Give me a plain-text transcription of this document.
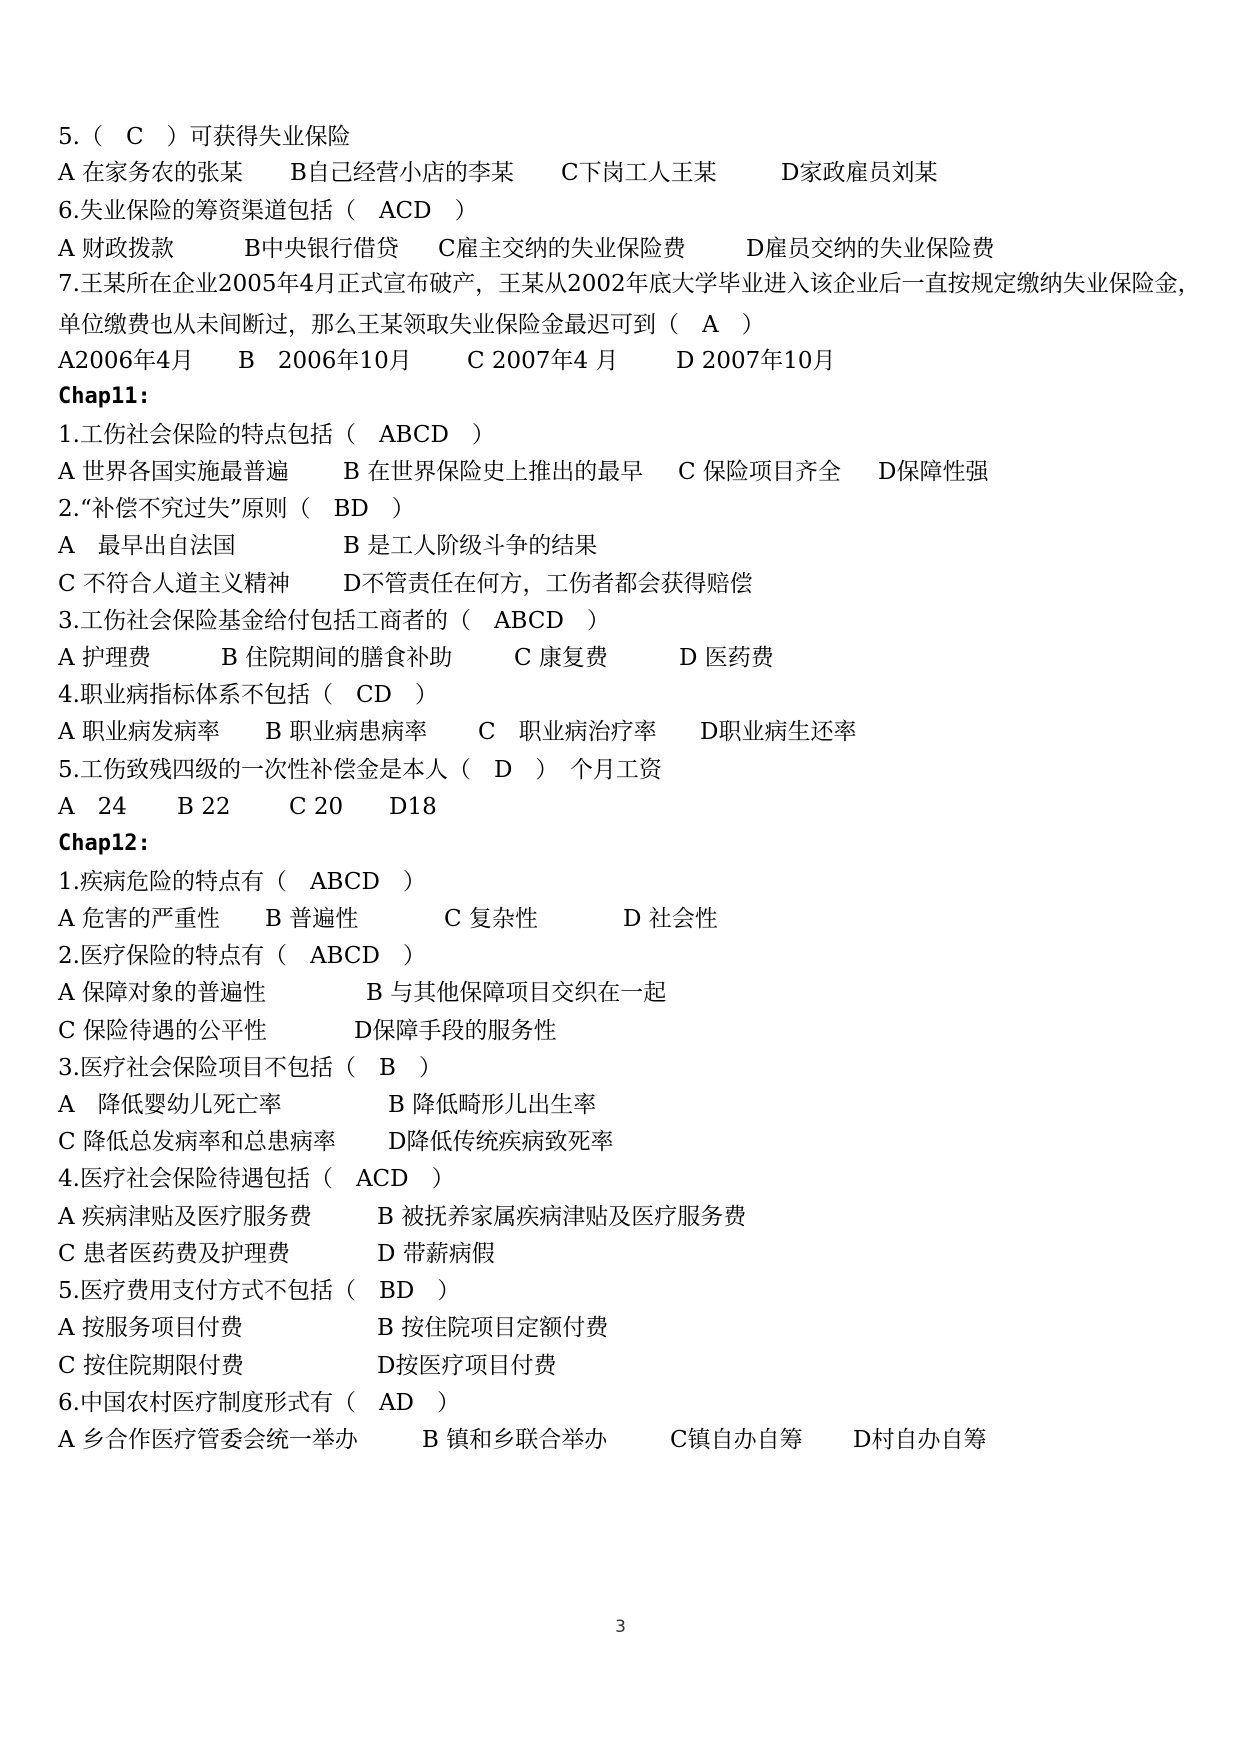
5.（　C　）可获得失业保险

A 在家务农的张某

B自己经营小店的李某

C下岗工人王某

	D家政雇员刘某

6.失业保险的筹资渠道包括（　ACD　）

A 财政拨款

	B中央银行借贷

C雇主交纳的失业保险费

	D雇员交纳的失业保险费

7.王某所在企业2005年4月正式宣布破产，王某从2002年底大学毕业进入该企业后一直按规定缴纳失业保险金，单位缴费也从未间断过，那么王某领取失业保险金最迟可到（　A　）

A2006年4月

B　2006年10月

C 2007年4 月

	D 2007年10月

Chap11:
1.工伤社会保险的特点包括（　ABCD　）

A 世界各国实施最普遍

B 在世界保险史上推出的最早

C 保险项目齐全

D保障性强

2.“补偿不究过失”原则（　BD　）

A　最早出自法国

	B 是工人阶级斗争的结果

C 不符合人道主义精神

D不管责任在何方，工伤者都会获得赔偿

3.工伤社会保险基金给付包括工商者的（　ABCD　）

A 护理费

	B 住院期间的膳食补助

	C 康复费

	D 医药费

4.职业病指标体系不包括（　CD　）

A 职业病发病率

B 职业病患病率

C　职业病治疗率

D职业病生还率

5.工伤致残四级的一次性补偿金是本人（　D　）　个月工资

A　24

B 22

	C 20

D18

Chap12:
1.疾病危险的特点有（　ABCD　）

A 危害的严重性

B 普遍性

	C 复杂性

	D 社会性

2.医疗保险的特点有（　ABCD　）

A 保障对象的普遍性

	B 与其他保障项目交织在一起

C 保险待遇的公平性

	D保障手段的服务性

3.医疗社会保险项目不包括（　B　）

A　降低婴幼儿死亡率

	B 降低畸形儿出生率

C 降低总发病率和总患病率

D降低传统疾病致死率

4.医疗社会保险待遇包括（　ACD　）

A 疾病津贴及医疗服务费

	B 被抚养家属疾病津贴及医疗服务费

C 患者医药费及护理费

	D 带薪病假

5.医疗费用支付方式不包括（　BD　）

A 按服务项目付费

	B 按住院项目定额付费

C 按住院期限付费

	D按医疗项目付费

6.中国农村医疗制度形式有（　AD　）

A 乡合作医疗管委会统一举办

	B 镇和乡联合举办

	C镇自办自筹

D村自办自筹

3
